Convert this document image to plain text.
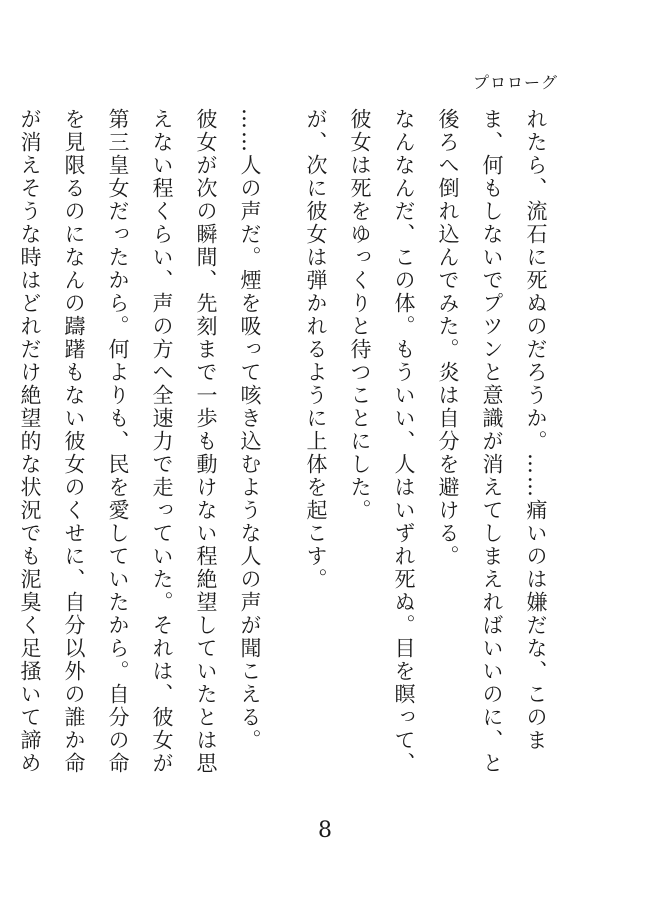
プロローグ

れたら、流石に死ぬのだろうか。……痛いのは嫌だな、このまま、何もしないでプツンと意識が消えてしまえればいいのに、と後ろへ倒れ込んでみた。炎は自分を避ける。

なんなんだ、この体。もういい、人はいずれ死ぬ。目を瞑って、彼女は死をゆっくりと待つことにした。

が、次に彼女は弾かれるように上体を起こす。

……人の声だ。煙を吸って咳き込むような人の声が聞こえる。

彼女が次の瞬間、先刻まで一歩も動けない程絶望していたとは思えない程くらい、声の方へ全速力で走っていた。それは、彼女が第三皇女だったから。何よりも、民を愛していたから。自分の命を見限るのになんの躊躇もない彼女のくせに、自分以外の誰か命が消えそうな時はどれだけ絶望的な状況でも泥臭く足掻いて諦め

8
